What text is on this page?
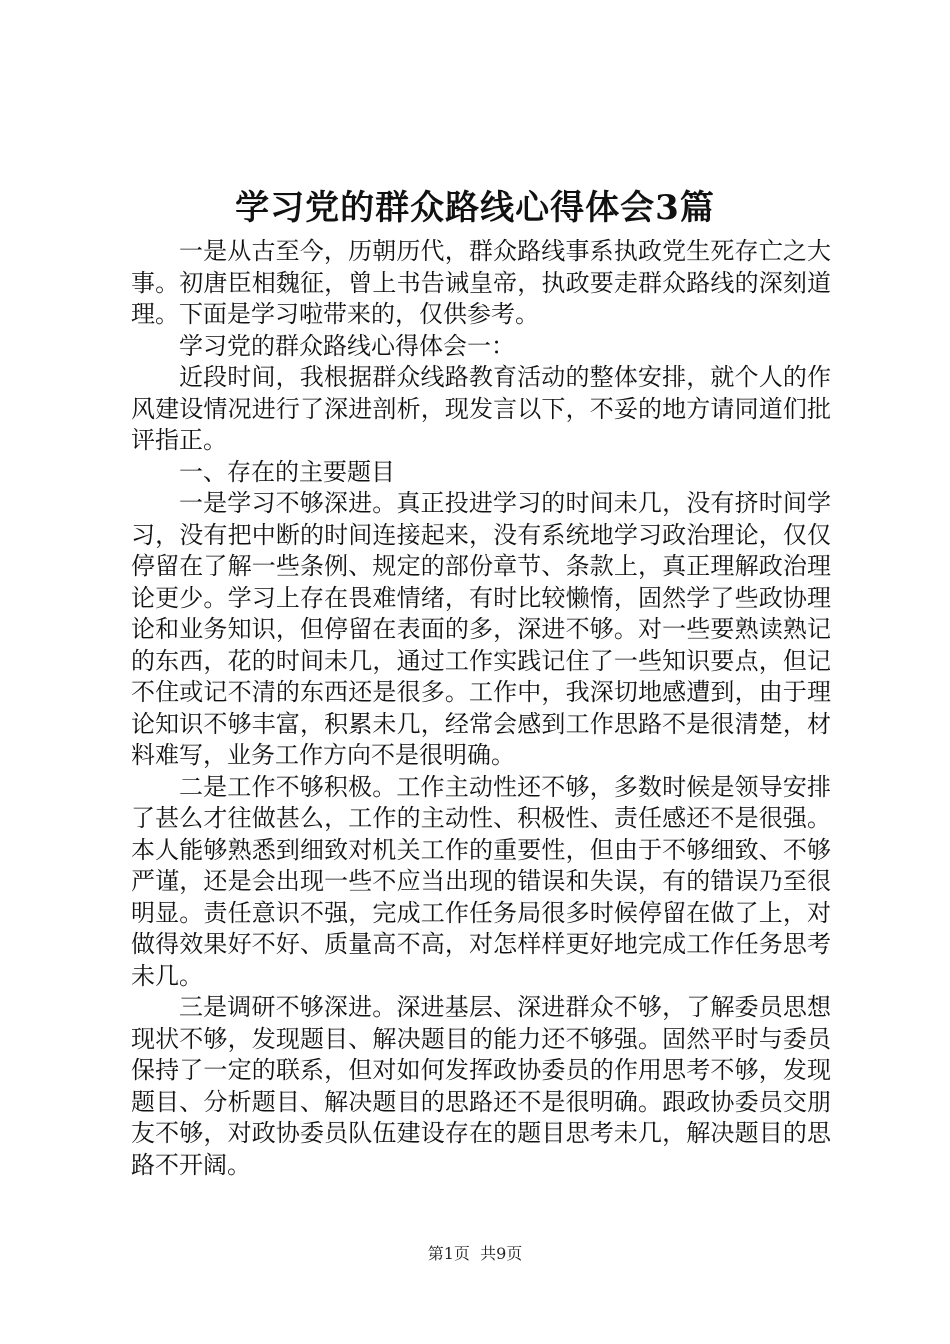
学习党的群众路线心得体会3篇

一是从古至今，历朝历代，群众路线事系执政党生死存亡之大事。初唐臣相魏征，曾上书告诫皇帝，执政要走群众路线的深刻道理。下面是学习啦带来的，仅供参考。

学习党的群众路线心得体会一：

近段时间，我根据群众线路教育活动的整体安排，就个人的作风建设情况进行了深进剖析，现发言以下，不妥的地方请同道们批评指正。

一、存在的主要题目

一是学习不够深进。真正投进学习的时间未几，没有挤时间学习，没有把中断的时间连接起来，没有系统地学习政治理论，仅仅停留在了解一些条例、规定的部份章节、条款上，真正理解政治理论更少。学习上存在畏难情绪，有时比较懒惰，固然学了些政协理论和业务知识，但停留在表面的多，深进不够。对一些要熟读熟记的东西，花的时间未几，通过工作实践记住了一些知识要点，但记不住或记不清的东西还是很多。工作中，我深切地感遭到，由于理论知识不够丰富，积累未几，经常会感到工作思路不是很清楚，材料难写，业务工作方向不是很明确。

二是工作不够积极。工作主动性还不够，多数时候是领导安排了甚么才往做甚么，工作的主动性、积极性、责任感还不是很强。本人能够熟悉到细致对机关工作的重要性，但由于不够细致、不够严谨，还是会出现一些不应当出现的错误和失误，有的错误乃至很明显。责任意识不强，完成工作任务局很多时候停留在做了上，对做得效果好不好、质量高不高，对怎样样更好地完成工作任务思考未几。

三是调研不够深进。深进基层、深进群众不够，了解委员思想现状不够，发现题目、解决题目的能力还不够强。固然平时与委员保持了一定的联系，但对如何发挥政协委员的作用思考不够，发现题目、分析题目、解决题目的思路还不是很明确。跟政协委员交朋友不够，对政协委员队伍建设存在的题目思考未几，解决题目的思路不开阔。

第1页 共9页
